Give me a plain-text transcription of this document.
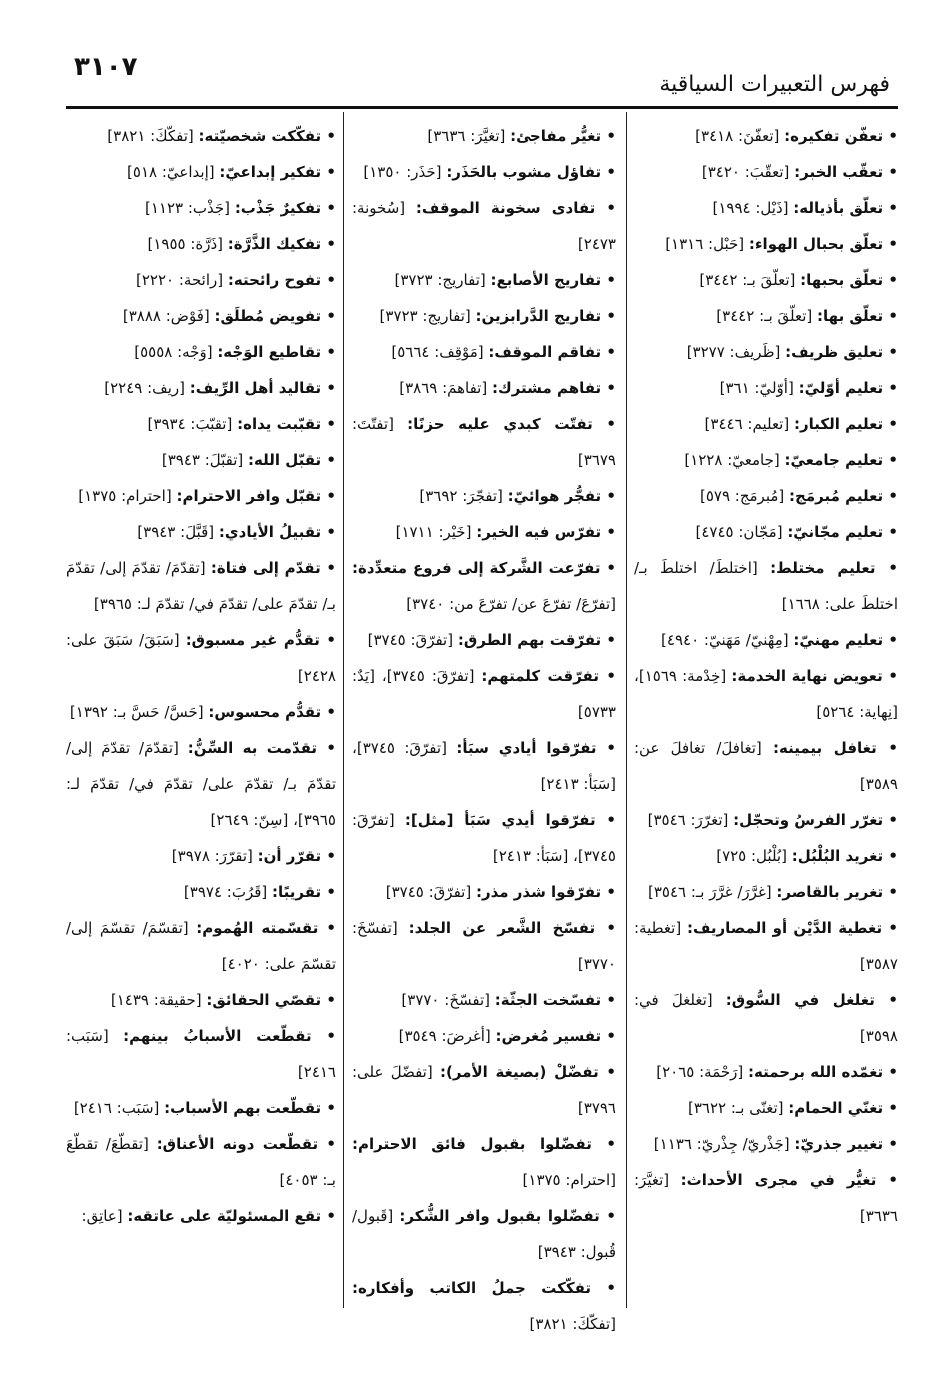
٣١٠٧
فهرس التعبيرات السياقية
• تعفّن تفكيره: [تعفّنَ: ٣٤١٨]
• تعقّب الخبر: [تعقّبَ: ٣٤٢٠]
• تعلّق بأذياله: [ذَيْل: ١٩٩٤]
• تعلّق بحبال الهواء: [حَبْل: ١٣١٦]
• تعلّق بحبها: [تعلّقَ بـ: ٣٤٤٢]
• تعلّق بها: [تعلّقَ بـ: ٣٤٤٢]
• تعليق ظريف: [ظَريف: ٣٢٧٧]
• تعليم أوّليّ: [أوّليّ: ٣٦١]
• تعليم الكبار: [تعليم: ٣٤٤٦]
• تعليم جامعيّ: [جامعيّ: ١٢٢٨]
• تعليم مُبرمَج: [مُبرمَج: ٥٧٩]
• تعليم مجّانيّ: [مَجّان: ٤٧٤٥]
• تعليم مختلط: [اختلطَ/ اختلطَ بـ/ اختلطَ على: ١٦٦٨]
• تعليم مهنيّ: [مِهْنيّ/ مَهَنيّ: ٤٩٤٠]
• تعويض نهاية الخدمة: [خِدْمة: ١٥٦٩]، [نِهاية: ٥٢٦٤]
• تغافل بيمينه: [تغافلَ/ تغافلَ عن: ٣٥٨٩]
• تغرّر الفرسُ وتحجّل: [تغرّرَ: ٣٥٤٦]
• تغريد البُلْبُل: [بُلْبُل: ٧٢٥]
• تغرير بالقاصر: [غرَّرَ/ غرَّرَ بـ: ٣٥٤٦]
• تغطية الدَّيْن أو المصاريف: [تغطية: ٣٥٨٧]
• تغلغل في السُّوق: [تغلغلَ في: ٣٥٩٨]
• تغمّده الله برحمته: [رَحْمَة: ٢٠٦٥]
• تغنّي الحمام: [تغنّى بـ: ٣٦٢٢]
• تغيير جذريّ: [جَذْريّ/ جِذْريّ: ١١٣٦]
• تغيُّر في مجرى الأحداث: [تغيَّرَ: ٣٦٣٦]
• تغيُّر مفاجئ: [تغيَّرَ: ٣٦٣٦]
• تفاؤل مشوب بالحَذَر: [حَذَر: ١٣٥٠]
• تفادى سخونة الموقف: [سُخونة: ٢٤٧٣]
• تفاريج الأصابع: [تفاريج: ٣٧٢٣]
• تفاريج الدَّرابزين: [تفاريج: ٣٧٢٣]
• تفاقم الموقف: [مَوْقِف: ٥٦٦٤]
• تفاهم مشترك: [تفاهمَ: ٣٨٦٩]
• تفتّت كبدي عليه حزنًا: [تفتّتَ: ٣٦٧٩]
• تفجُّر هوائيّ: [تفجّرَ: ٣٦٩٢]
• تفرّس فيه الخير: [خَيْر: ١٧١١]
• تفرّعت الشَّركة إلى فروع متعدِّدة: [تفرّعَ/ تفرّعَ عن/ تفرّعَ من: ٣٧٤٠]
• تفرّقت بهم الطرق: [تفرّقَ: ٣٧٤٥]
• تفرّقت كلمتهم: [تفرّقَ: ٣٧٤٥]، [يَدٌ: ٥٧٣٣]
• تفرّقوا أيادي سبَأ: [تفرّقَ: ٣٧٤٥]، [سَبَأ: ٢٤١٣]
• تفرّقوا أيدي سَبَأ [مثل]: [تفرّقَ: ٣٧٤٥]، [سَبَأ: ٢٤١٣]
• تفرّقوا شذر مذر: [تفرّقَ: ٣٧٤٥]
• تفسّخ الشَّعر عن الجلد: [تفسّخَ: ٣٧٧٠]
• تفسّخت الجثّة: [تفسّخَ: ٣٧٧٠]
• تفسير مُغرض: [أغرضَ: ٣٥٤٩]
• تفضّلْ (بصيغة الأمر): [تفضّلَ على: ٣٧٩٦]
• تفضّلوا بقبول فائق الاحترام: [احترام: ١٣٧٥]
• تفضّلوا بقبول وافر الشُّكر: [قَبول/ قُبول: ٣٩٤٣]
• تفكّكت جملُ الكاتب وأفكاره: [تفكّكَ: ٣٨٢١]
• تفكّكت شخصيّته: [تفكّكَ: ٣٨٢١]
• تفكير إبداعيّ: [إبداعيّ: ٥١٨]
• تفكيرٌ جَذْب: [جَذْب: ١١٢٣]
• تفكيك الذَّرَّة: [ذَرَّة: ١٩٥٥]
• تفوح رائحته: [رائحة: ٢٢٢٠]
• تفويض مُطلَق: [فَوْض: ٣٨٨٨]
• تقاطيع الوَجْه: [وَجْه: ٥٥٥٨]
• تقاليد أهل الرِّيف: [ريف: ٢٢٤٩]
• تقبّبت يداه: [تقبّبَ: ٣٩٣٤]
• تقبّل الله: [تقبّلَ: ٣٩٤٣]
• تقبّل وافر الاحترام: [احترام: ١٣٧٥]
• تقبيلُ الأيادي: [قَبَّلَ: ٣٩٤٣]
• تقدّم إلى فتاة: [تقدّمَ/ تقدّمَ إلى/ تقدّمَ بـ/ تقدّمَ على/ تقدّمَ في/ تقدّمَ لـ: ٣٩٦٥]
• تقدُّم غير مسبوق: [سَبَقَ/ سَبَقَ على: ٢٤٢٨]
• تقدُّم محسوس: [حَسَّ/ حَسَّ بـ: ١٣٩٢]
• تقدّمت به السِّنُّ: [تقدّمَ/ تقدّمَ إلى/ تقدّمَ بـ/ تقدّمَ على/ تقدّمَ في/ تقدّمَ لـ: ٣٩٦٥]، [سِنّ: ٢٦٤٩]
• تقرّر أن: [تقرّرَ: ٣٩٧٨]
• تقريبًا: [قَرُبَ: ٣٩٧٤]
• تقسّمته الهُموم: [تقسّمَ/ تقسّمَ إلى/ تقسّمَ على: ٤٠٢٠]
• تقصّي الحقائق: [حقيقة: ١٤٣٩]
• تقطّعت الأسبابُ بينهم: [سَبَب: ٢٤١٦]
• تقطّعت بهم الأسباب: [سَبَب: ٢٤١٦]
• تقطّعت دونه الأعناق: [تقطّعَ/ تقطّعَ بـ: ٤٠٥٣]
• تقع المسئوليّة على عاتقه: [عاتِق:
